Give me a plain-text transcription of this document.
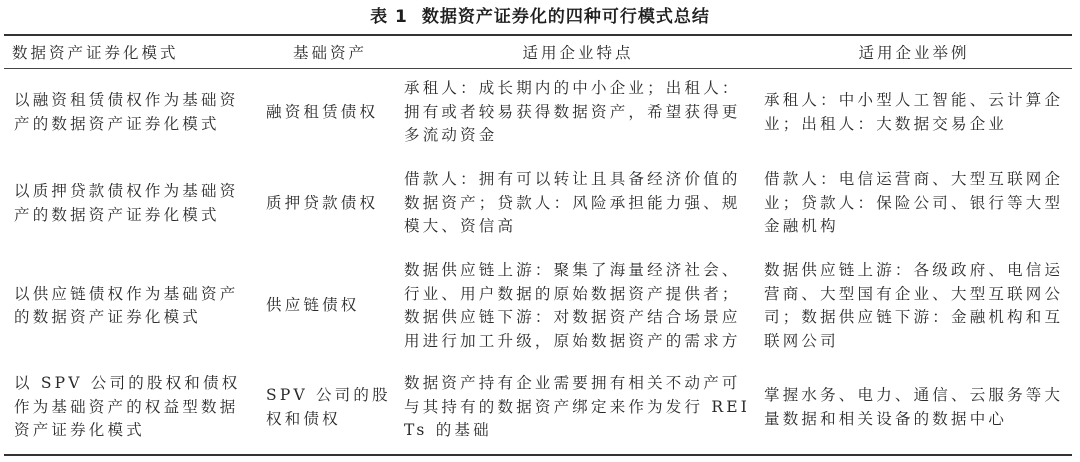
表 1 数据资产证券化的四种可行模式总结
数据资产证券化模式	基础资产	适用企业特点	适用企业举例
以融资租赁债权作为基础资产的数据资产证券化模式	融资租赁债权	承租人：成长期内的中小企业；出租人：拥有或者较易获得数据资产，希望获得更多流动资金	承租人：中小型人工智能、云计算企业；出租人：大数据交易企业
以质押贷款债权作为基础资产的数据资产证券化模式	质押贷款债权	借款人：拥有可以转让且具备经济价值的数据资产；贷款人：风险承担能力强、规模大、资信高	借款人：电信运营商、大型互联网企业；贷款人：保险公司、银行等大型金融机构
以供应链债权作为基础资产的数据资产证券化模式	供应链债权	数据供应链上游：聚集了海量经济社会、行业、用户数据的原始数据资产提供者；数据供应链下游：对数据资产结合场景应用进行加工升级，原始数据资产的需求方	数据供应链上游：各级政府、电信运营商、大型国有企业、大型互联网公司；数据供应链下游：金融机构和互联网公司
以 SPV 公司的股权和债权作为基础资产的权益型数据资产证券化模式	SPV 公司的股权和债权	数据资产持有企业需要拥有相关不动产可与其持有的数据资产绑定来作为发行 REITs 的基础	掌握水务、电力、通信、云服务等大量数据和相关设备的数据中心
